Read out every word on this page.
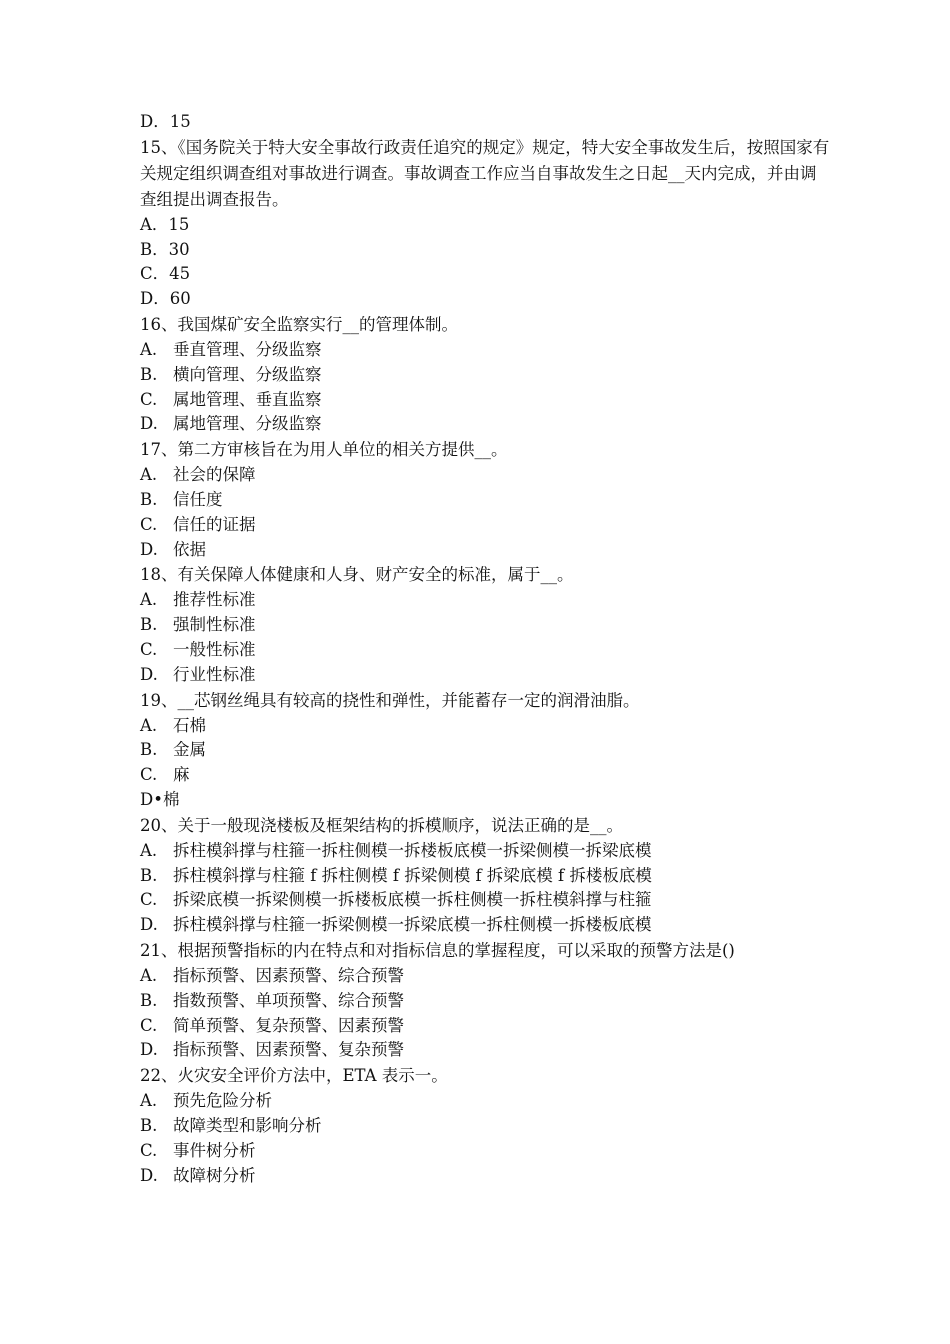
D． 15

15、《国务院关于特大安全事故行政责任追究的规定》规定，特大安全事故发生后，按照国家有关规定组织调查组对事故进行调查。事故调查工作应当自事故发生之日起__天内完成，并由调查组提出调查报告。

A． 15

B． 30

C． 45

D． 60

16、我国煤矿安全监察实行__的管理体制。

A. 垂直管理、分级监察

B. 横向管理、分级监察

C. 属地管理、垂直监察

D. 属地管理、分级监察

17、第二方审核旨在为用人单位的相关方提供__。

A. 社会的保障

B. 信任度

C. 信任的证据

D. 依据

18、有关保障人体健康和人身、财产安全的标准，属于__。

A. 推荐性标准

B. 强制性标准

C. 一般性标准

D. 行业性标准

19、__芯钢丝绳具有较高的挠性和弹性，并能蓄存一定的润滑油脂。

A. 石棉

B. 金属

C. 麻

D• 棉

20、关于一般现浇楼板及框架结构的拆模顺序，说法正确的是__。

A. 拆柱模斜撑与柱箍一拆柱侧模一拆楼板底模一拆梁侧模一拆梁底模

B. 拆柱模斜撑与柱箍 f 拆柱侧模 f 拆梁侧模 f 拆梁底模 f 拆楼板底模

C. 拆梁底模一拆梁侧模一拆楼板底模一拆柱侧模一拆柱模斜撑与柱箍

D. 拆柱模斜撑与柱箍一拆梁侧模一拆梁底模一拆柱侧模一拆楼板底模

21、根据预警指标的内在特点和对指标信息的掌握程度，可以采取的预警方法是()

A. 指标预警、因素预警、综合预警

B. 指数预警、单项预警、综合预警

C. 简单预警、复杂预警、因素预警

D. 指标预警、因素预警、复杂预警

22、火灾安全评价方法中，ETA 表示一。

A. 预先危险分析

B. 故障类型和影响分析

C. 事件树分析

D. 故障树分析
